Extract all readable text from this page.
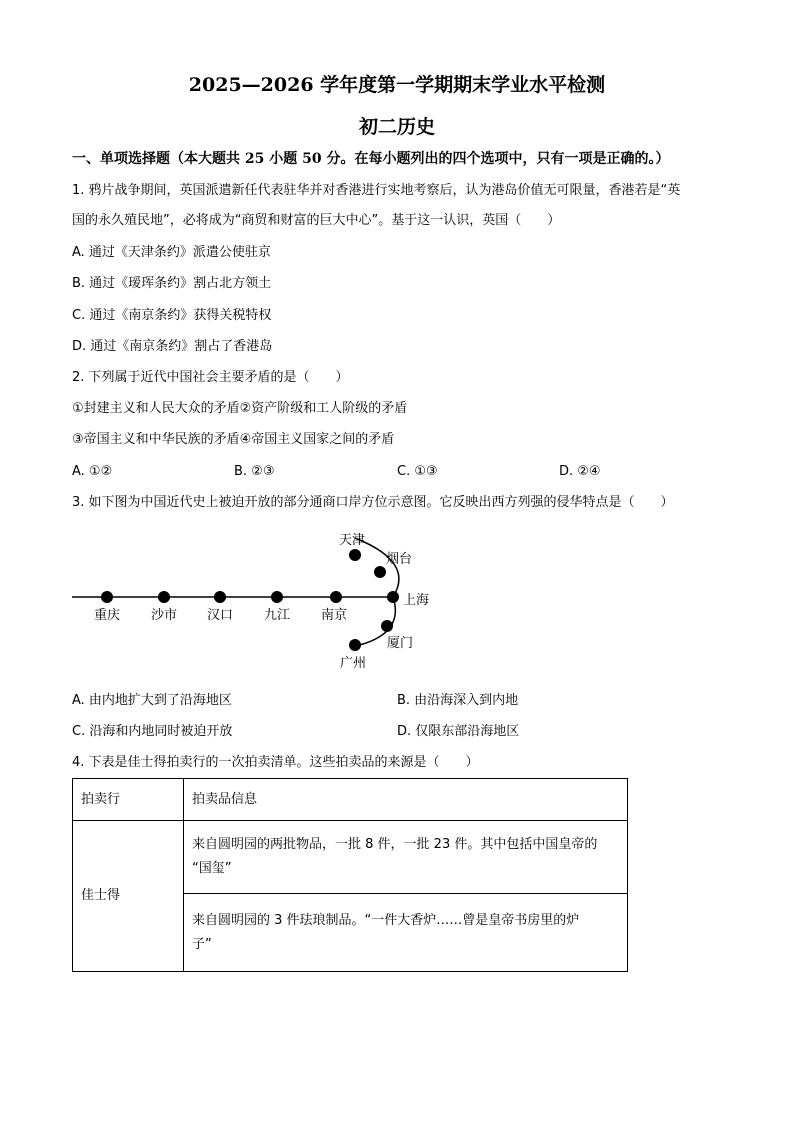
2025—2026 学年度第一学期期末学业水平检测
初二历史
一、单项选择题（本大题共 25 小题 50 分。在每小题列出的四个选项中，只有一项是正确的。）
1. 鸦片战争期间，英国派遣新任代表驻华并对香港进行实地考察后，认为港岛价值无可限量，香港若是“英
国的永久殖民地”，必将成为“商贸和财富的巨大中心”。基于这一认识，英国（　　）
A. 通过《天津条约》派遣公使驻京
B. 通过《瑷珲条约》割占北方领土
C. 通过《南京条约》获得关税特权
D. 通过《南京条约》割占了香港岛
2. 下列属于近代中国社会主要矛盾的是（　　）
①封建主义和人民大众的矛盾②资产阶级和工人阶级的矛盾
③帝国主义和中华民族的矛盾④帝国主义国家之间的矛盾
A. ①②	B. ②③	C. ①③	D. ②④
3. 如下图为中国近代史上被迫开放的部分通商口岸方位示意图。它反映出西方列强的侵华特点是（　　）
重庆 沙市 汉口 九江 南京
上海
天津
烟台
厦门
广州
A. 由内地扩大到了沿海地区	B. 由沿海深入到内地
C. 沿海和内地同时被迫开放	D. 仅限东部沿海地区
4. 下表是佳士得拍卖行的一次拍卖清单。这些拍卖品的来源是（　　）
拍卖行	拍卖品信息
佳士得	来自圆明园的两批物品，一批 8 件，一批 23 件。其中包括中国皇帝的
“国玺”

	来自圆明园的 3 件珐琅制品。“一件大香炉……曾是皇帝书房里的炉
子”
